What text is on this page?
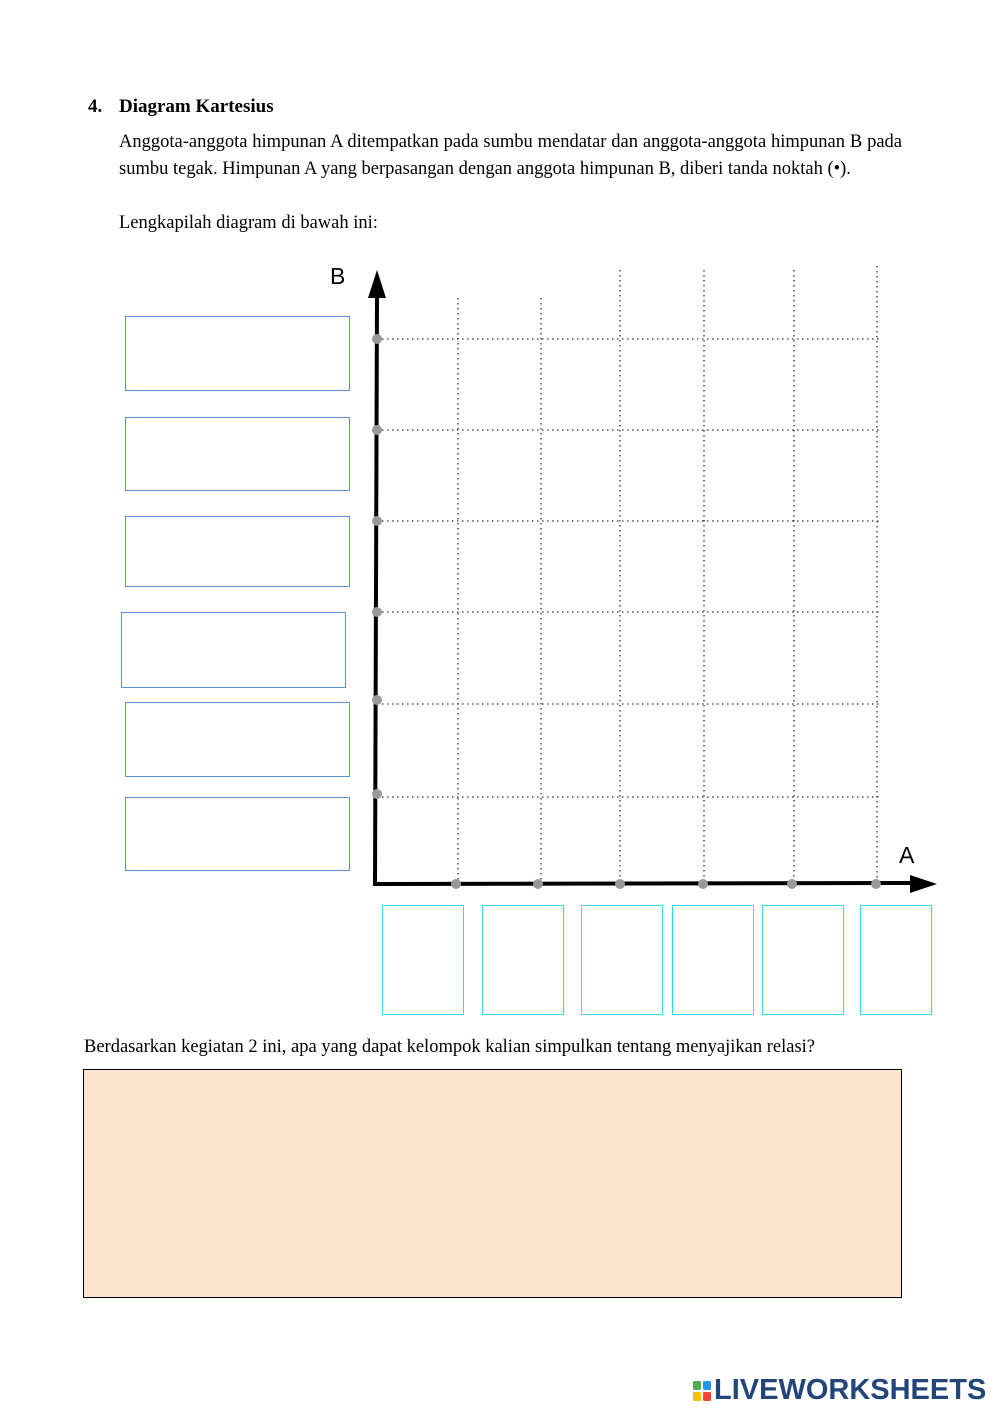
4. Diagram Kartesius
Anggota-anggota himpunan A ditempatkan pada sumbu mendatar dan anggota-anggota himpunan B pada sumbu tegak. Himpunan A yang berpasangan dengan anggota himpunan B, diberi tanda noktah (•).
Lengkapilah diagram di bawah ini:
B
A
Berdasarkan kegiatan 2 ini, apa yang dapat kelompok kalian simpulkan tentang menyajikan relasi?
LIVEWORKSHEETS
